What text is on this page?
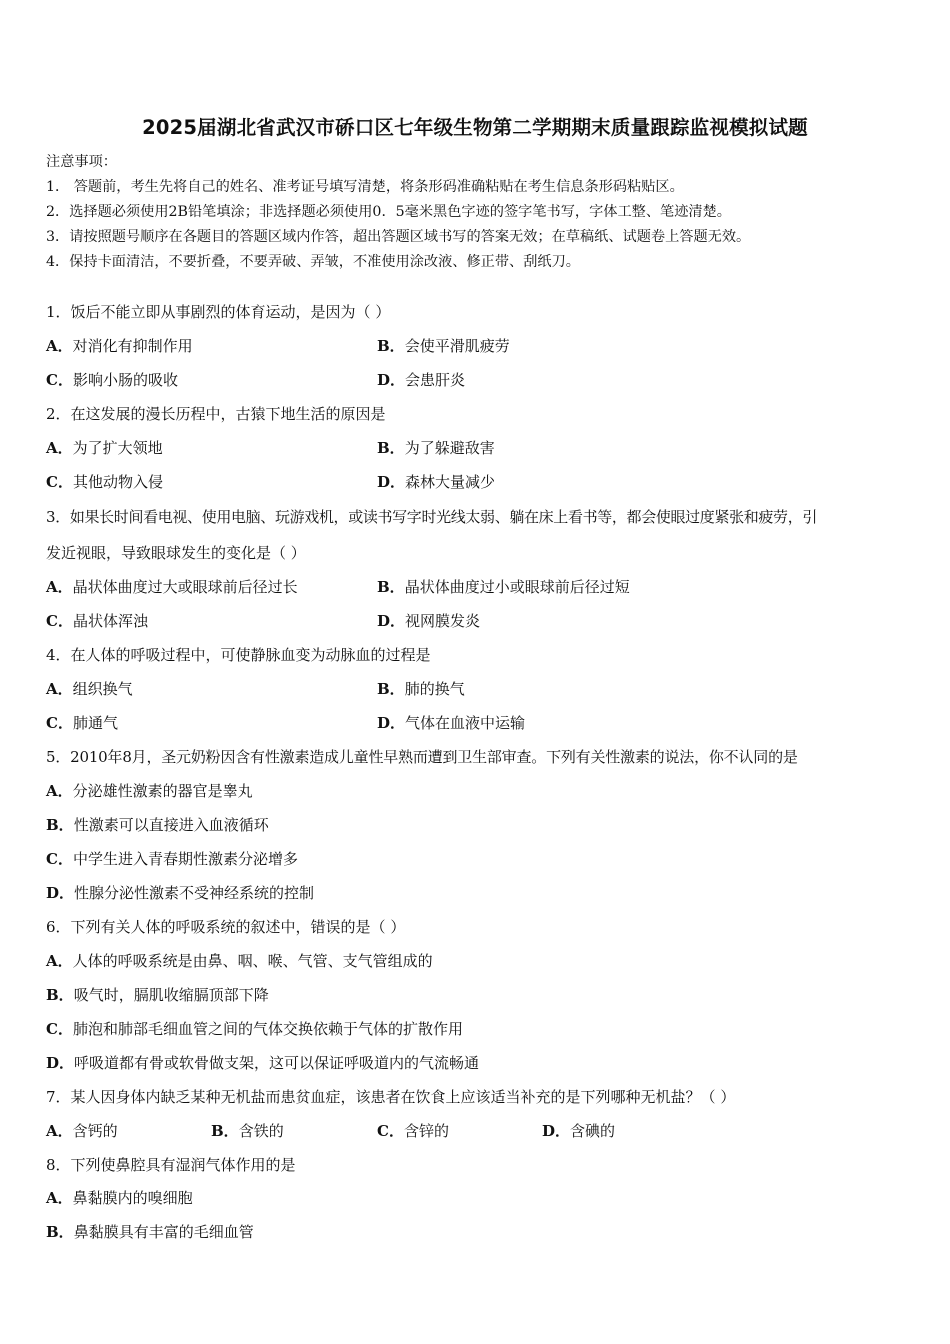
2025届湖北省武汉市硚口区七年级生物第二学期期末质量跟踪监视模拟试题
注意事项：
1． 答题前，考生先将自己的姓名、准考证号填写清楚，将条形码准确粘贴在考生信息条形码粘贴区。
2．选择题必须使用2B铅笔填涂；非选择题必须使用0．5毫米黑色字迹的签字笔书写，字体工整、笔迹清楚。
3．请按照题号顺序在各题目的答题区域内作答，超出答题区域书写的答案无效；在草稿纸、试题卷上答题无效。
4．保持卡面清洁，不要折叠，不要弄破、弄皱，不准使用涂改液、修正带、刮纸刀。
1．饭后不能立即从事剧烈的体育运动，是因为（ ）
A．对消化有抑制作用	B．会使平滑肌疲劳
C．影响小肠的吸收	D．会患肝炎
2．在这发展的漫长历程中，古猿下地生活的原因是
A．为了扩大领地	B．为了躲避敌害
C．其他动物入侵	D．森林大量减少
3．如果长时间看电视、使用电脑、玩游戏机，或读书写字时光线太弱、躺在床上看书等，都会使眼过度紧张和疲劳，引
发近视眼，导致眼球发生的变化是（ ）
A．晶状体曲度过大或眼球前后径过长	B．晶状体曲度过小或眼球前后径过短
C．晶状体浑浊	D．视网膜发炎
4．在人体的呼吸过程中，可使静脉血变为动脉血的过程是
A．组织换气	B．肺的换气
C．肺通气	D．气体在血液中运输
5．2010年8月，圣元奶粉因含有性激素造成儿童性早熟而遭到卫生部审查。下列有关性激素的说法，你不认同的是
A．分泌雄性激素的器官是睾丸
B．性激素可以直接进入血液循环
C．中学生进入青春期性激素分泌增多
D．性腺分泌性激素不受神经系统的控制
6．下列有关人体的呼吸系统的叙述中，错误的是（ ）
A．人体的呼吸系统是由鼻、咽、喉、气管、支气管组成的
B．吸气时，膈肌收缩膈顶部下降
C．肺泡和肺部毛细血管之间的气体交换依赖于气体的扩散作用
D．呼吸道都有骨或软骨做支架，这可以保证呼吸道内的气流畅通
7．某人因身体内缺乏某种无机盐而患贫血症，该患者在饮食上应该适当补充的是下列哪种无机盐？（ ）
A．含钙的	B．含铁的	C．含锌的	D．含碘的
8．下列使鼻腔具有湿润气体作用的是
A．鼻黏膜内的嗅细胞
B．鼻黏膜具有丰富的毛细血管
